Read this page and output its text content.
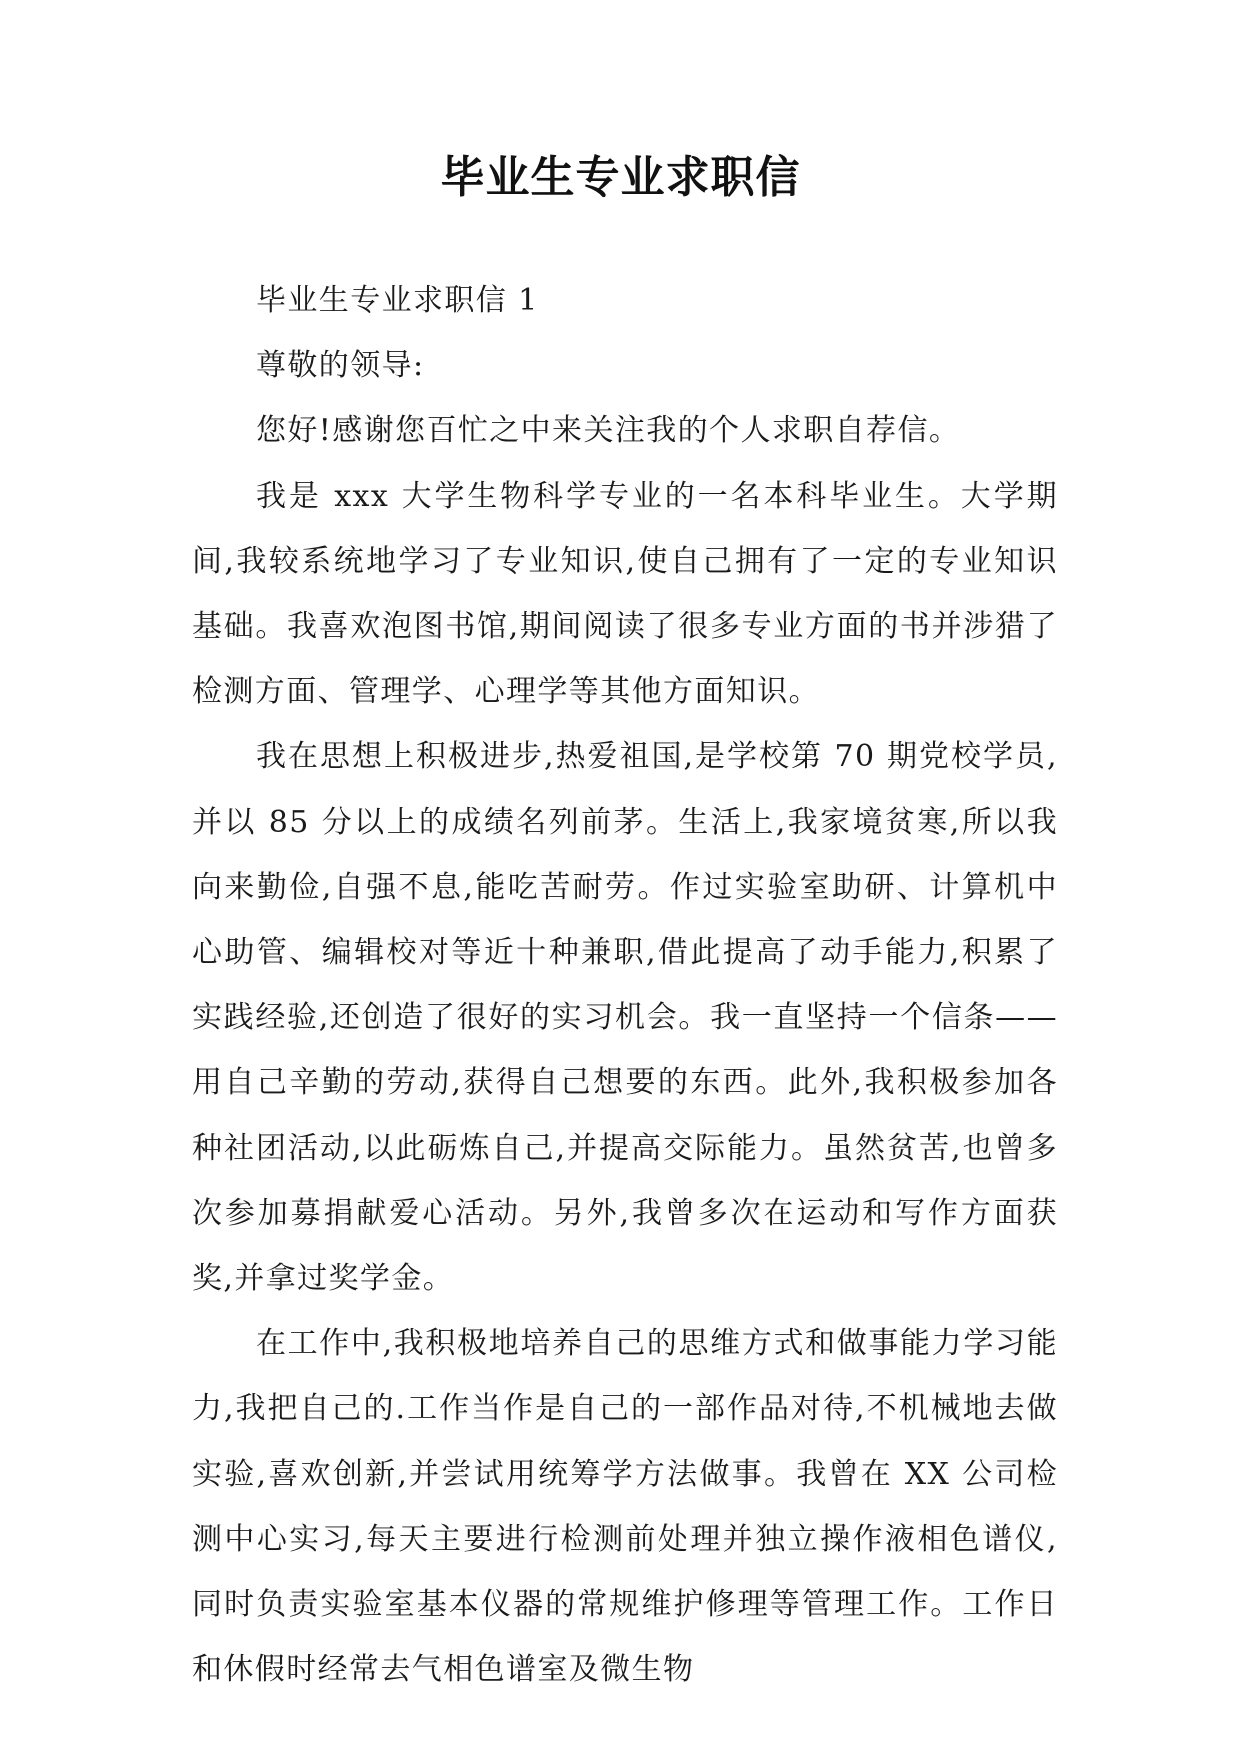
毕业生专业求职信

毕业生专业求职信 1

尊敬的领导:

您好!感谢您百忙之中来关注我的个人求职自荐信。

我是 xxx 大学生物科学专业的一名本科毕业生。大学期间,我较系统地学习了专业知识,使自己拥有了一定的专业知识基础。我喜欢泡图书馆,期间阅读了很多专业方面的书并涉猎了检测方面、管理学、心理学等其他方面知识。

我在思想上积极进步,热爱祖国,是学校第 70 期党校学员,并以 85 分以上的成绩名列前茅。生活上,我家境贫寒,所以我向来勤俭,自强不息,能吃苦耐劳。作过实验室助研、计算机中心助管、编辑校对等近十种兼职,借此提高了动手能力,积累了实践经验,还创造了很好的实习机会。我一直坚持一个信条——用自己辛勤的劳动,获得自己想要的东西。此外,我积极参加各种社团活动,以此砺炼自己,并提高交际能力。虽然贫苦,也曾多次参加募捐献爱心活动。另外,我曾多次在运动和写作方面获奖,并拿过奖学金。

在工作中,我积极地培养自己的思维方式和做事能力学习能力,我把自己的.工作当作是自己的一部作品对待,不机械地去做实验,喜欢创新,并尝试用统筹学方法做事。我曾在 XX 公司检测中心实习,每天主要进行检测前处理并独立操作液相色谱仪,同时负责实验室基本仪器的常规维护修理等管理工作。工作日和休假时经常去气相色谱室及微生物
